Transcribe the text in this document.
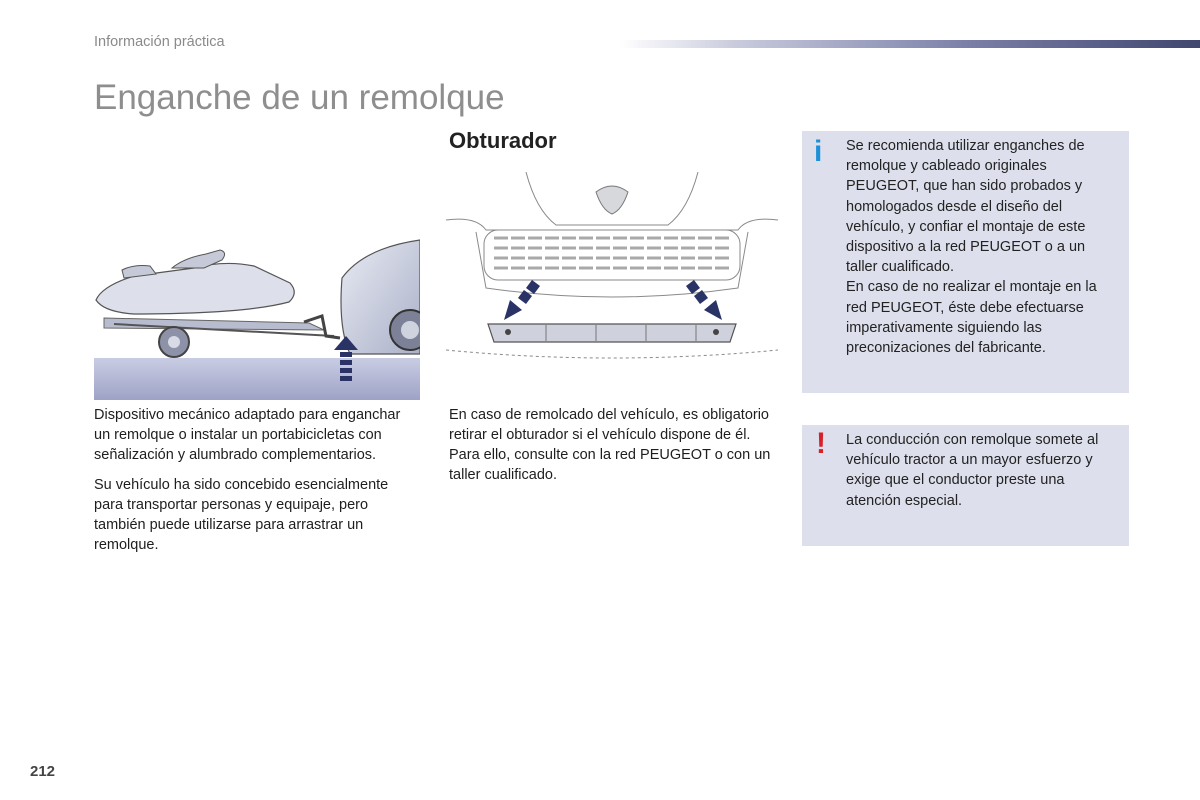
Información práctica
Enganche de un remolque

Dispositivo mecánico adaptado para enganchar un remolque o instalar un portabicicletas con señalización y alumbrado complementarios.

Su vehículo ha sido concebido esencialmente para transportar personas y equipaje, pero también puede utilizarse para arrastrar un remolque.

Obturador

En caso de remolcado del vehículo, es obligatorio retirar el obturador si el vehículo dispone de él.

Para ello, consulte con la red PEUGEOT o con un taller cualificado.

i Se recomienda utilizar enganches de remolque y cableado originales PEUGEOT, que han sido probados y homologados desde el diseño del vehículo, y confiar el montaje de este dispositivo a la red PEUGEOT o a un taller cualificado.

En caso de no realizar el montaje en la red PEUGEOT, éste debe efectuarse imperativamente siguiendo las preconizaciones del fabricante.

! La conducción con remolque somete al vehículo tractor a un mayor esfuerzo y exige que el conductor preste una atención especial.

212
